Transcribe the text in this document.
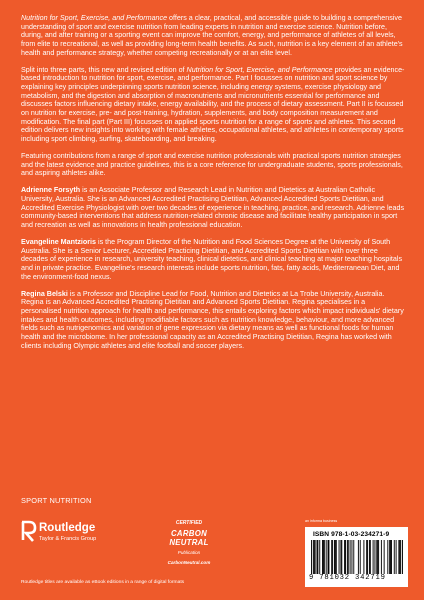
Nutrition for Sport, Exercise, and Performance offers a clear, practical, and accessible guide to building a comprehensive understanding of sport and exercise nutrition from leading experts in nutrition and exercise science. Nutrition before, during, and after training or a sporting event can improve the comfort, energy, and performance of athletes of all levels, from elite to recreational, as well as providing long-term health benefits. As such, nutrition is a key element of an athlete's health and performance strategy, whether competing recreationally or at an elite level.

Split into three parts, this new and revised edition of Nutrition for Sport, Exercise, and Performance provides an evidence-based introduction to nutrition for sport, exercise, and performance. Part I focusses on nutrition and sport science by explaining key principles underpinning sports nutrition science, including energy systems, exercise physiology and metabolism, and the digestion and absorption of macronutrients and micronutrients essential for performance and discusses factors influencing dietary intake, energy availability, and the process of dietary assessment. Part II is focussed on nutrition for exercise, pre- and post-training, hydration, supplements, and body composition measurement and modification. The final part (Part III) focusses on applied sports nutrition for a range of sports and athletes. This second edition delivers new insights into working with female athletes, occupational athletes, and athletes in contemporary sports including sport climbing, surfing, skateboarding, and breaking.

Featuring contributions from a range of sport and exercise nutrition professionals with practical sports nutrition strategies and the latest evidence and practice guidelines, this is a core reference for undergraduate students, sports professionals, and aspiring athletes alike.

Adrienne Forsyth is an Associate Professor and Research Lead in Nutrition and Dietetics at Australian Catholic University, Australia. She is an Advanced Accredited Practising Dietitian, Advanced Accredited Sports Dietitian, and Accredited Exercise Physiologist with over two decades of experience in teaching, practice, and research. Adrienne leads community-based interventions that address nutrition-related chronic disease and facilitate healthy participation in sport and recreation as well as innovations in health professional education.

Evangeline Mantzioris is the Program Director of the Nutrition and Food Sciences Degree at the University of South Australia. She is a Senior Lecturer, Accredited Practicing Dietitian, and Accredited Sports Dietitian with over three decades of experience in research, university teaching, clinical dietetics, and clinical teaching at major teaching hospitals and in private practice. Evangeline's research interests include sports nutrition, fats, fatty acids, Mediterranean Diet, and the environment-food nexus.

Regina Belski is a Professor and Discipline Lead for Food, Nutrition and Dietetics at La Trobe University, Australia. Regina is an Advanced Accredited Practising Dietitian and Advanced Sports Dietitian. Regina specialises in a personalised nutrition approach for health and performance, this entails exploring factors which impact individuals' dietary intakes and health outcomes, including modifiable factors such as nutrition knowledge, behaviour, and more advanced fields such as nutrigenomics and variation of gene expression via dietary means as well as functional foods for human health and the microbiome. In her professional capacity as an Accredited Practising Dietitian, Regina has worked with clients including Olympic athletes and elite football and soccer players.

SPORT NUTRITION
Routledge
Taylor & Francis Group
Routledge titles are available as eBook editions in a range of digital formats
CERTIFIED
CARBON
NEUTRAL
Publication
CarbonNeutral.com
an informa business
ISBN 978-1-03-234271-9
9 781032 342719
